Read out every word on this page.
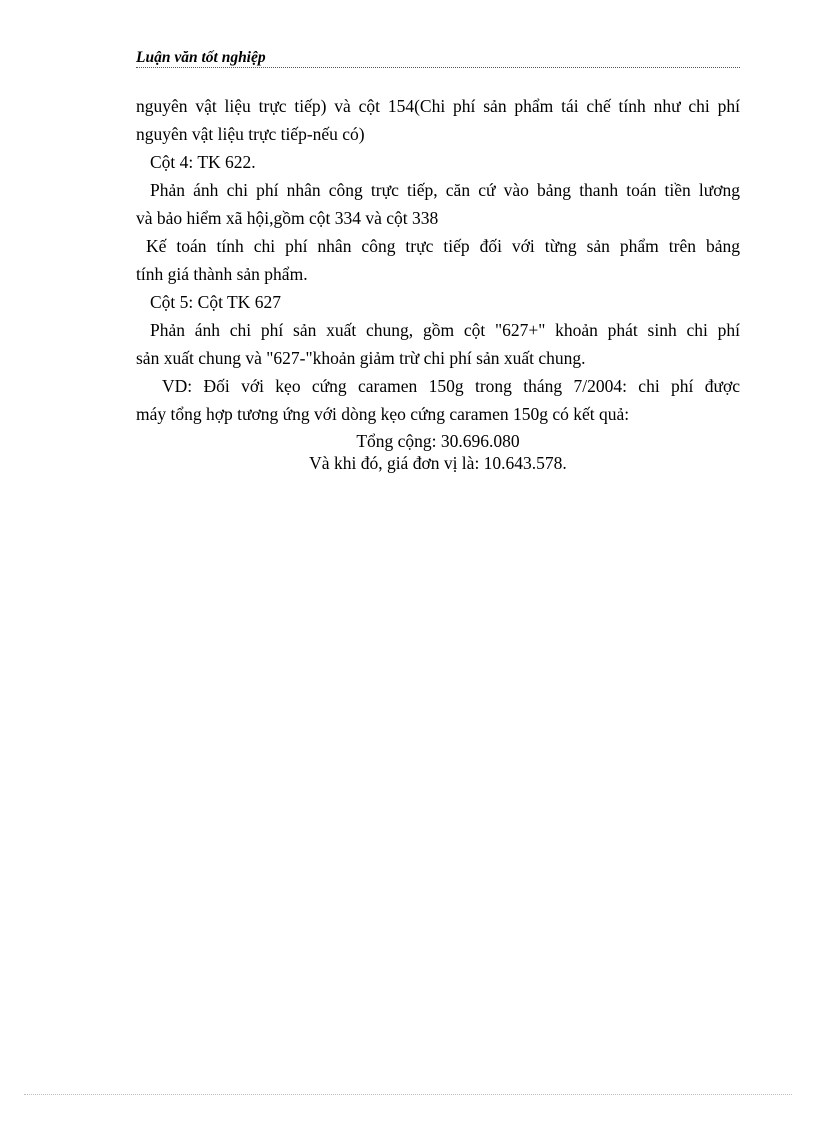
Luận văn tốt nghiệp
nguyên vật liệu trực tiếp) và cột 154(Chi phí sản phẩm tái chế tính như chi phí
nguyên vật liệu trực tiếp-nếu có)
Cột 4: TK 622.
Phản ánh chi phí nhân công trực tiếp, căn cứ vào bảng thanh toán tiền lương
và bảo hiểm xã hội,gồm cột 334 và cột 338
Kế toán tính chi phí nhân công trực tiếp đối với từng sản phẩm trên bảng
tính giá thành sản phẩm.
Cột 5: Cột TK 627
Phản ánh chi phí sản xuất chung, gồm cột "627+" khoản phát sinh chi phí
sản xuất chung và "627-"khoản giảm trừ chi phí sản xuất chung.
VD: Đối với kẹo cứng caramen 150g trong tháng 7/2004: chi phí được
máy tổng hợp tương ứng với dòng kẹo cứng caramen 150g có kết quả:
Tổng cộng: 30.696.080
Và khi đó, giá đơn vị là: 10.643.578.
